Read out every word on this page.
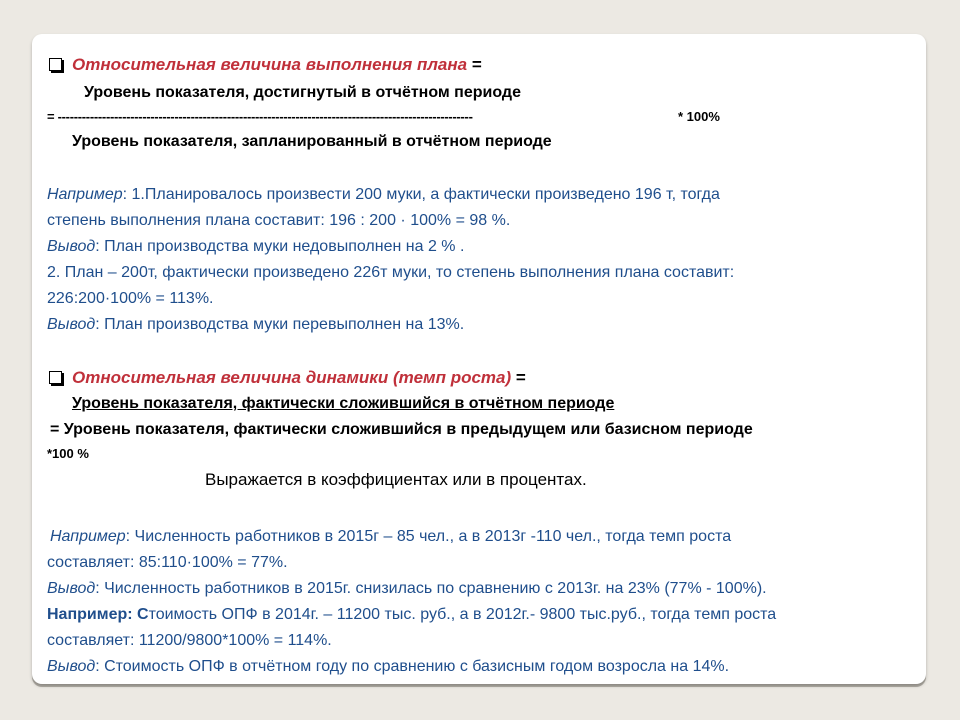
Относительная величина выполнения плана =
Уровень показателя, достигнутый в отчётном периоде
= -------------------------------------------------------------------------------------------------------	* 100%
Уровень показателя, запланированный в отчётном периоде
Например: 1.Планировалось произвести 200 муки, а фактически произведено 196 т, тогда
степень выполнения плана составит: 196 : 200 · 100% = 98 %.
Вывод: План производства муки недовыполнен на 2 % .
2. План – 200т, фактически произведено 226т муки, то степень выполнения плана составит:
226:200·100% = 113%.
Вывод: План производства муки перевыполнен на 13%.
Относительная величина динамики (темп роста) =
Уровень показателя, фактически сложившийся в отчётном периоде
= Уровень показателя, фактически сложившийся в предыдущем или базисном периоде
*100 %
Выражается в коэффициентах или в процентах.
Например: Численность работников в 2015г – 85 чел., а в 2013г -110 чел., тогда темп роста
составляет: 85:110·100% = 77%.
Вывод: Численность работников в 2015г. снизилась по сравнению с 2013г. на 23% (77% - 100%).
Например: Стоимость ОПФ в 2014г. – 11200 тыс. руб., а в 2012г.- 9800 тыс.руб., тогда темп роста
составляет: 11200/9800*100% = 114%.
Вывод: Стоимость ОПФ в отчётном году по сравнению с базисным годом возросла на 14%.
